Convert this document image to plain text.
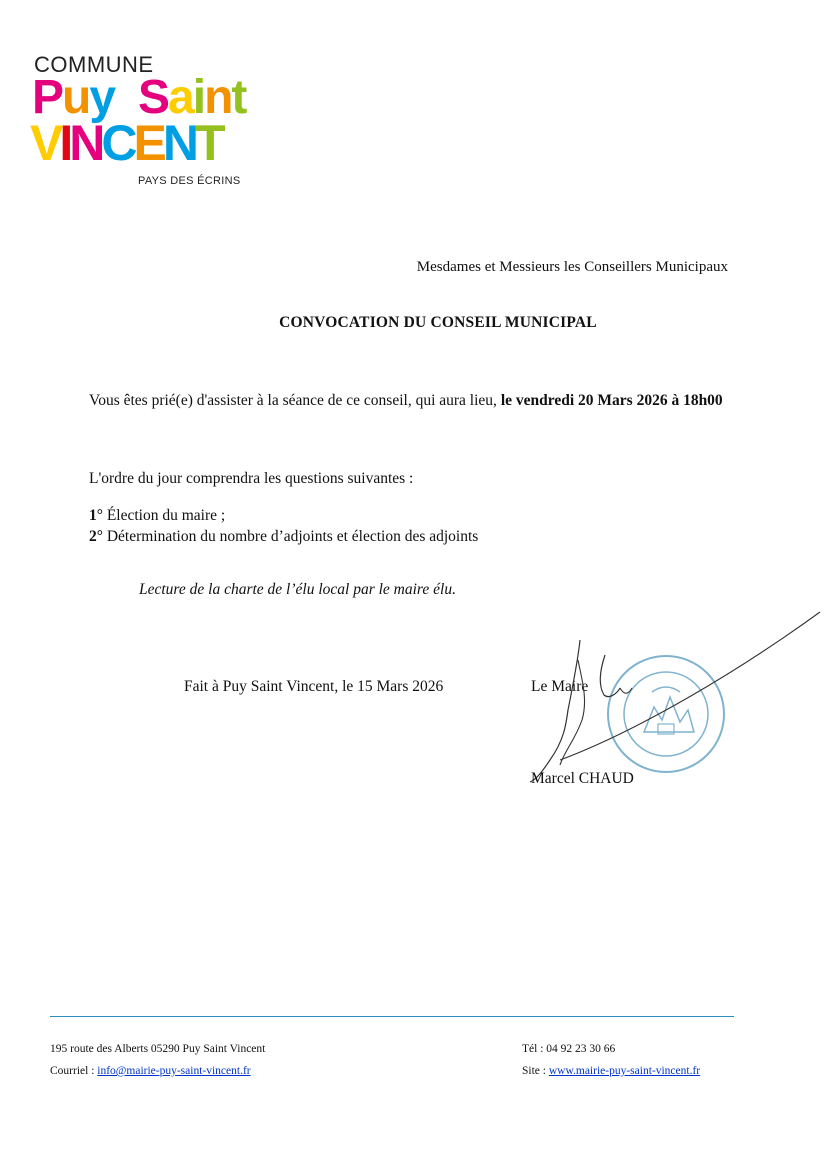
COMMUNE
Puy Saint
VINCENT
PAYS DES ÉCRINS
Mesdames et Messieurs les Conseillers Municipaux
CONVOCATION DU CONSEIL MUNICIPAL
Vous êtes prié(e) d'assister à la séance de ce conseil, qui aura lieu, le vendredi 20 Mars 2026 à 18h00
L'ordre du jour comprendra les questions suivantes :
1° Élection du maire ;
2° Détermination du nombre d’adjoints et élection des adjoints
Lecture de la charte de l’élu local par le maire élu.
Fait à Puy Saint Vincent, le 15 Mars 2026	Le Maire
Marcel CHAUD
195 route des Alberts 05290 Puy Saint Vincent
Courriel : info@mairie-puy-saint-vincent.fr
Tél : 04 92 23 30 66
Site : www.mairie-puy-saint-vincent.fr
